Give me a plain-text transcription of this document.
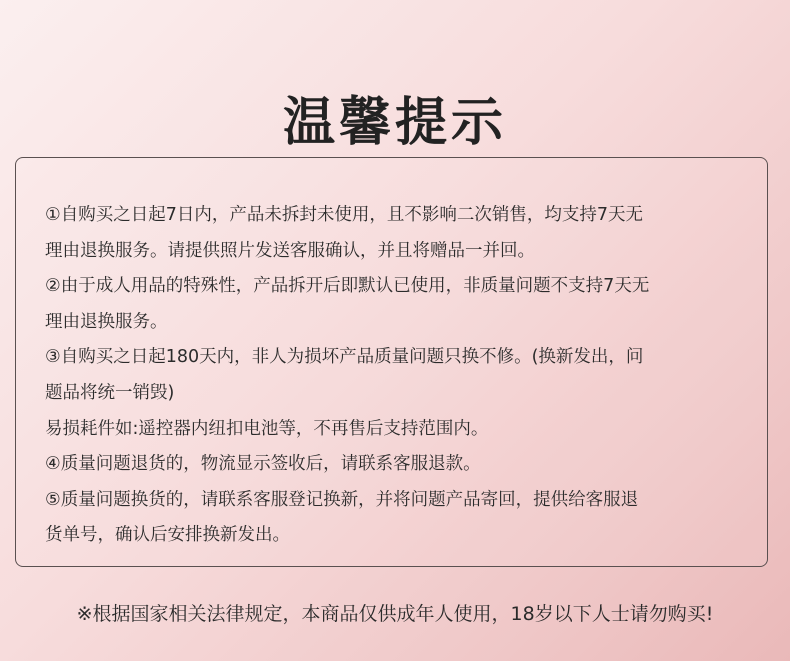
温馨提示
①自购买之日起7日内，产品未拆封未使用，且不影响二次销售，均支持7天无
理由退换服务。请提供照片发送客服确认，并且将赠品一并回。
②由于成人用品的特殊性，产品拆开后即默认已使用，非质量问题不支持7天无
理由退换服务。
③自购买之日起180天内，非人为损坏产品质量问题只换不修。(换新发出，问
题品将统一销毁)
易损耗件如:遥控器内纽扣电池等，不再售后支持范围内。
④质量问题退货的，物流显示签收后，请联系客服退款。
⑤质量问题换货的，请联系客服登记换新，并将问题产品寄回，提供给客服退
货单号，确认后安排换新发出。

※根据国家相关法律规定，本商品仅供成年人使用，18岁以下人士请勿购买!
